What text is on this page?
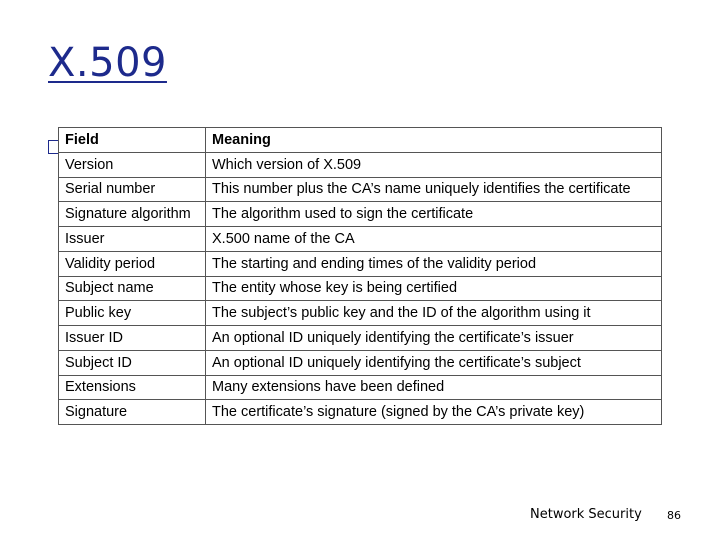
X.509
Field	Meaning
Version	Which version of X.509
Serial number	This number plus the CA’s name uniquely identifies the certificate
Signature algorithm	The algorithm used to sign the certificate
Issuer	X.500 name of the CA
Validity period	The starting and ending times of the validity period
Subject name	The entity whose key is being certified
Public key	The subject’s public key and the ID of the algorithm using it
Issuer ID	An optional ID uniquely identifying the certificate’s issuer
Subject ID	An optional ID uniquely identifying the certificate’s subject
Extensions	Many extensions have been defined
Signature	The certificate’s signature (signed by the CA’s private key)
Network Security 86
